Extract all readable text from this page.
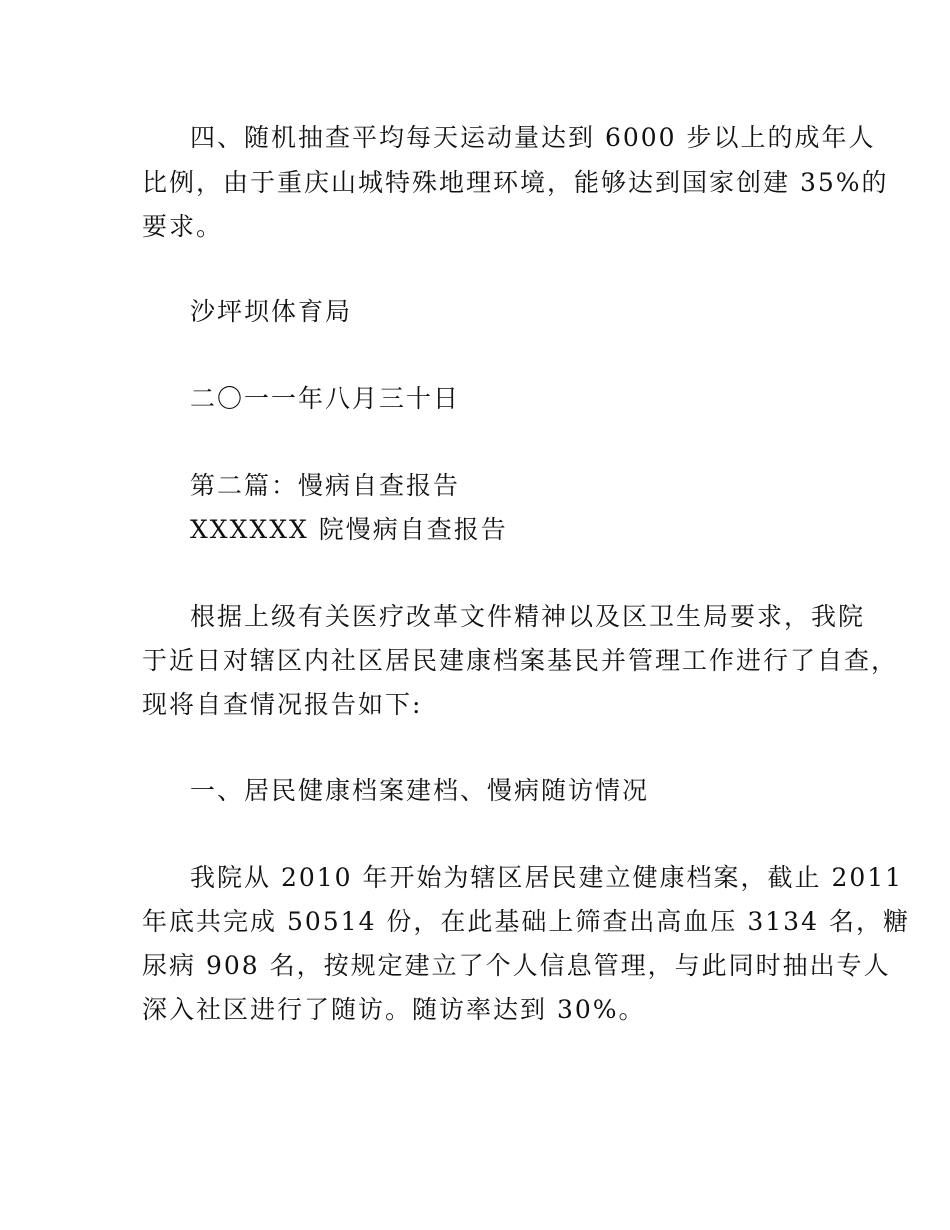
四、随机抽查平均每天运动量达到 6000 步以上的成年人
比例，由于重庆山城特殊地理环境，能够达到国家创建 35%的
要求。
沙坪坝体育局
二〇一一年八月三十日
第二篇：慢病自查报告
XXXXXX 院慢病自查报告
根据上级有关医疗改革文件精神以及区卫生局要求，我院
于近日对辖区内社区居民建康档案基民并管理工作进行了自查，
现将自查情况报告如下:
一、居民健康档案建档、慢病随访情况
我院从 2010 年开始为辖区居民建立健康档案，截止 2011
年底共完成 50514 份，在此基础上筛查出高血压 3134 名，糖
尿病 908 名，按规定建立了个人信息管理，与此同时抽出专人
深入社区进行了随访。随访率达到 30%。
